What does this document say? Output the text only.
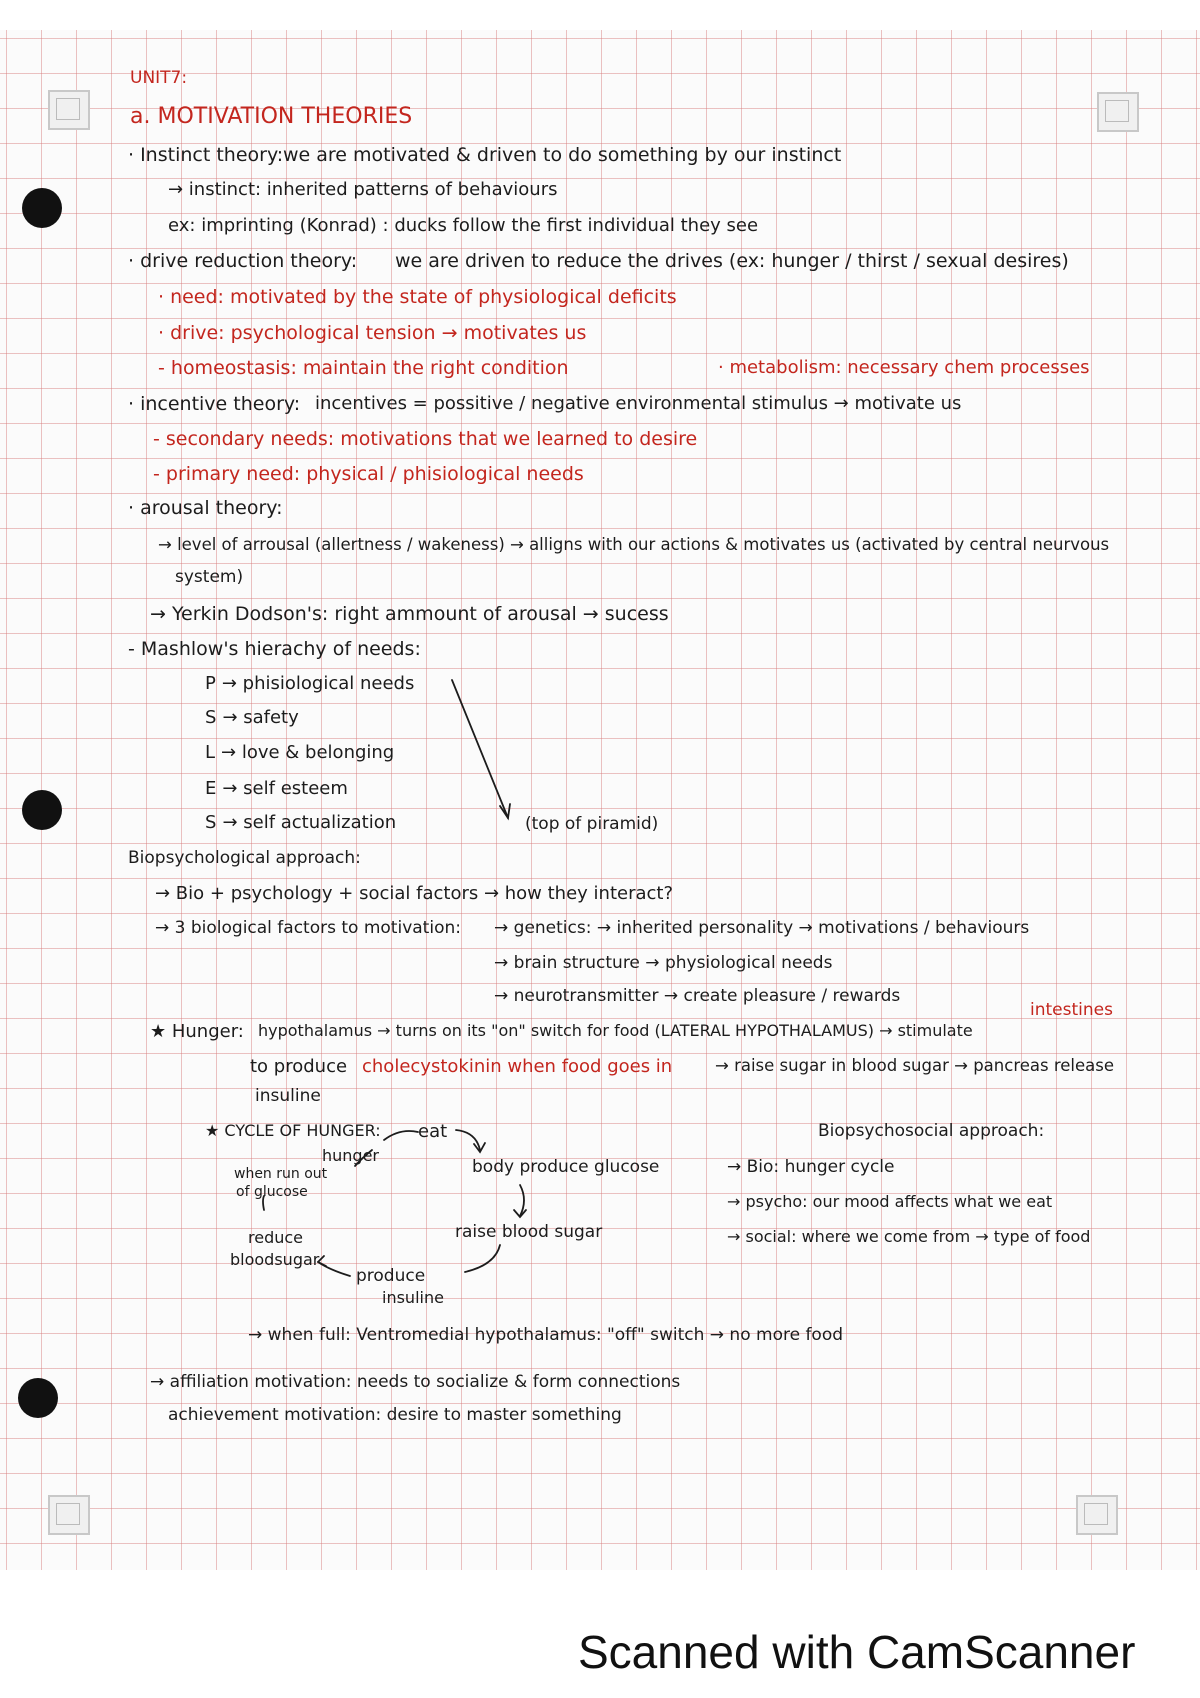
UNIT7:
a. MOTIVATION THEORIES
· Instinct theory: we are motivated & driven to do something by our instinct
→ instinct: inherited patterns of behaviours
ex: imprinting (Konrad) : ducks follow the first individual they see
· drive reduction theory: we are driven to reduce the drives (ex: hunger / thirst / sexual desires)
· need: motivated by the state of physiological deficits
· drive: psychological tension → motivates us
- homeostasis: maintain the right condition	· metabolism: necessary chem processes
· incentive theory: incentives = possitive / negative environmental stimulus → motivate us
- secondary needs: motivations that we learned to desire
- primary need: physical / phisiological needs
· arousal theory:
→ level of arrousal (allertness / wakeness) → alligns with our actions & motivates us (activated by central neurvous
system)
→ Yerkin Dodson's: right ammount of arousal → sucess
- Mashlow's hierachy of needs:
P → phisiological needs
S → safety
L → love & belonging
E → self esteem
S → self actualization	(top of piramid)
Biopsychological approach:
→ Bio + psychology + social factors → how they interact?
→ 3 biological factors to motivation: → genetics: → inherited personality → motivations / behaviours
→ brain structure → physiological needs
→ neurotransmitter → create pleasure / rewards
intestines
★ Hunger: hypothalamus → turns on its "on" switch for food (LATERAL HYPOTHALAMUS) → stimulate
to produce cholecystokinin when food goes in	→ raise sugar in blood sugar → pancreas release
insuline
★ CYCLE OF HUNGER: eat
hunger
body produce glucose
when run out
of glucose
raise blood sugar
reduce
bloodsugar
produce
insuline
Biopsychosocial approach:
→ Bio: hunger cycle
→ psycho: our mood affects what we eat
→ social: where we come from → type of food
→ when full: Ventromedial hypothalamus: "off" switch → no more food
→ affiliation motivation: needs to socialize & form connections
achievement motivation: desire to master something
Scanned with CamScanner
